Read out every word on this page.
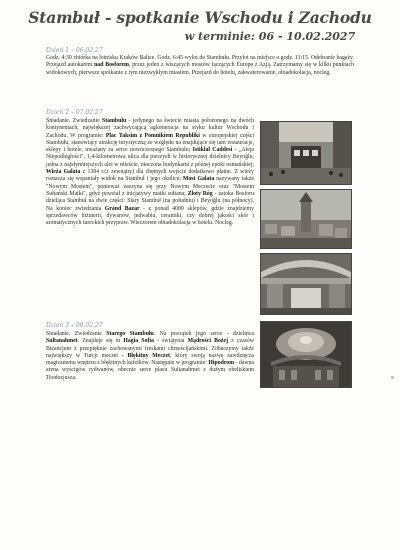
Stambuł - spotkanie Wschodu i Zachodu
w terminie: 06 - 10.02.2027
Dzień 1 – 06.02.27
Godz. 4:30 zbiórka na lotnisku Kraków Balice. Godz. 6:45 wylot do Stambułu. Przylot na miejsce o godz. 11:15. Odebranie bagaży. Przejazd autokarem nad Bosforem, przez jeden z wiszących mostów łączących Europę z Azją. Zatrzymamy się w kilku punktach widokowych, pierwsze spotkanie z tym niezwykłym miastem. Przejazd do hotelu, zakwaterowanie, obiadokolacja, nocleg.
Dzień 2 – 07.02.27
Śniadanie. Zwiedzanie Stambułu - jedynego na świecie miasta położonego na dwóch kontynentach, największej zachwycającą aglomeracja na styku kultur Wschodu i Zachodu. W programie: Plac Taksim z Pomnikiem Republiki w europejskiej części Stambułu, stanowiący atrakcję turystyczną ze względu na znajdujące się tam restauracje, sklepy i hotele, uważany za serce nowoczesnego Stambułu; Istiklal Caddesi - „Aleja Niepodległości", 1,4-kilometrowa ulica dla pieszych w historycznej dzielnicy Beyoğlu, jedna z najsłynniejszych alei w mieście, otoczona budynkami z późnej epoki osmańskiej; Wieża Galata z 1384 r.(z zewnątrz) dla chętnych wejście dodatkowo płatne. Z wieży roztacza się wspaniały widok na Stambuł i jego okolice; Most Galata nazywany także "Nowym Mostem", ponieważ zaczyna się przy Nowym Meczecie oraz "Mostem Sułtański Matki", gdyż powstał z inicjatywy matki sułtana; Złoty Róg - zatoka Bosforu dzieląca Stambuł na dwie części: Stary Stambuł (na południu) i Beyoğlu (na północy). Na koniec zwiedzania Grand Bazar - z ponad 4000 sklepów, gdzie znajdziemy sprzedawców biżuterii, dywanów, jedwabiu, ceramiki, czy dobrej jakości skór i aromatycznych tureckich przypraw. Wieczorem obiadokolacja w hotelu. Nocleg.
Dzień 3 – 08.02.27
Śniadanie. Zwiedzanie Starego Stambułu. Na początek jego serce - dzielnica Sultanahmet. Znajduje się tu Hagia Sofia - świątynia Mądrości Bożej z czasów Bizancjum z przepięknie zachowanymi freskami chrześcijańskimi. Zobaczymy także największy w Turcji meczet - Błękitny Meczet, który swoją nazwę zawdzięcza magicznemu wnętrzu z błękitnych kafelków. Następnie w programie: Hipodrom - dawna arena wyścigów rydwanów, obecnie serce placu Sultanahmet z dużym obeliskiem Teodozjusza.
